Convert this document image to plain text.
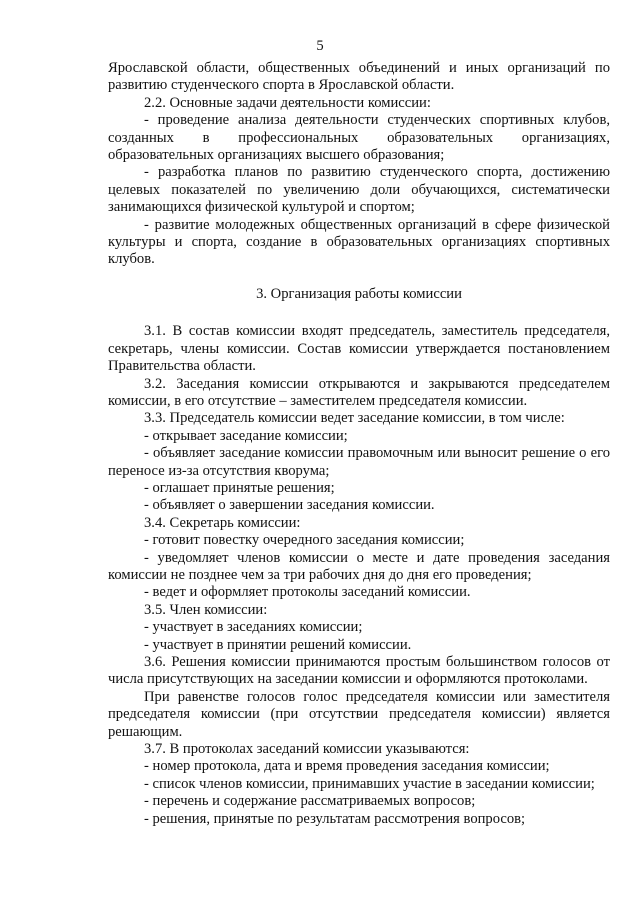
5

Ярославской области, общественных объединений и иных организаций по развитию студенческого спорта в Ярославской области.

2.2. Основные задачи деятельности комиссии:

- проведение анализа деятельности студенческих спортивных клубов, созданных в профессиональных образовательных организациях, образовательных организациях высшего образования;

- разработка планов по развитию студенческого спорта, достижению целевых показателей по увеличению доли обучающихся, систематически занимающихся физической культурой и спортом;

- развитие молодежных общественных организаций в сфере физической культуры и спорта, создание в образовательных организациях спортивных клубов.

3. Организация работы комиссии

3.1. В состав комиссии входят председатель, заместитель председателя, секретарь, члены комиссии. Состав комиссии утверждается постановлением Правительства области.

3.2. Заседания комиссии открываются и закрываются председателем комиссии, в его отсутствие – заместителем председателя комиссии.

3.3. Председатель комиссии ведет заседание комиссии, в том числе:

- открывает заседание комиссии;

- объявляет заседание комиссии правомочным или выносит решение о его переносе из-за отсутствия кворума;

- оглашает принятые решения;

- объявляет о завершении заседания комиссии.

3.4. Секретарь комиссии:

- готовит повестку очередного заседания комиссии;

- уведомляет членов комиссии о месте и дате проведения заседания комиссии не позднее чем за три рабочих дня до дня его проведения;

- ведет и оформляет протоколы заседаний комиссии.

3.5. Член комиссии:

- участвует в заседаниях комиссии;

- участвует в принятии решений комиссии.

3.6. Решения комиссии принимаются простым большинством голосов от числа присутствующих на заседании комиссии и оформляются протоколами.

При равенстве голосов голос председателя комиссии или заместителя председателя комиссии (при отсутствии председателя комиссии) является решающим.

3.7. В протоколах заседаний комиссии указываются:

- номер протокола, дата и время проведения заседания комиссии;

- список членов комиссии, принимавших участие в заседании комиссии;

- перечень и содержание рассматриваемых вопросов;

- решения, принятые по результатам рассмотрения вопросов;
